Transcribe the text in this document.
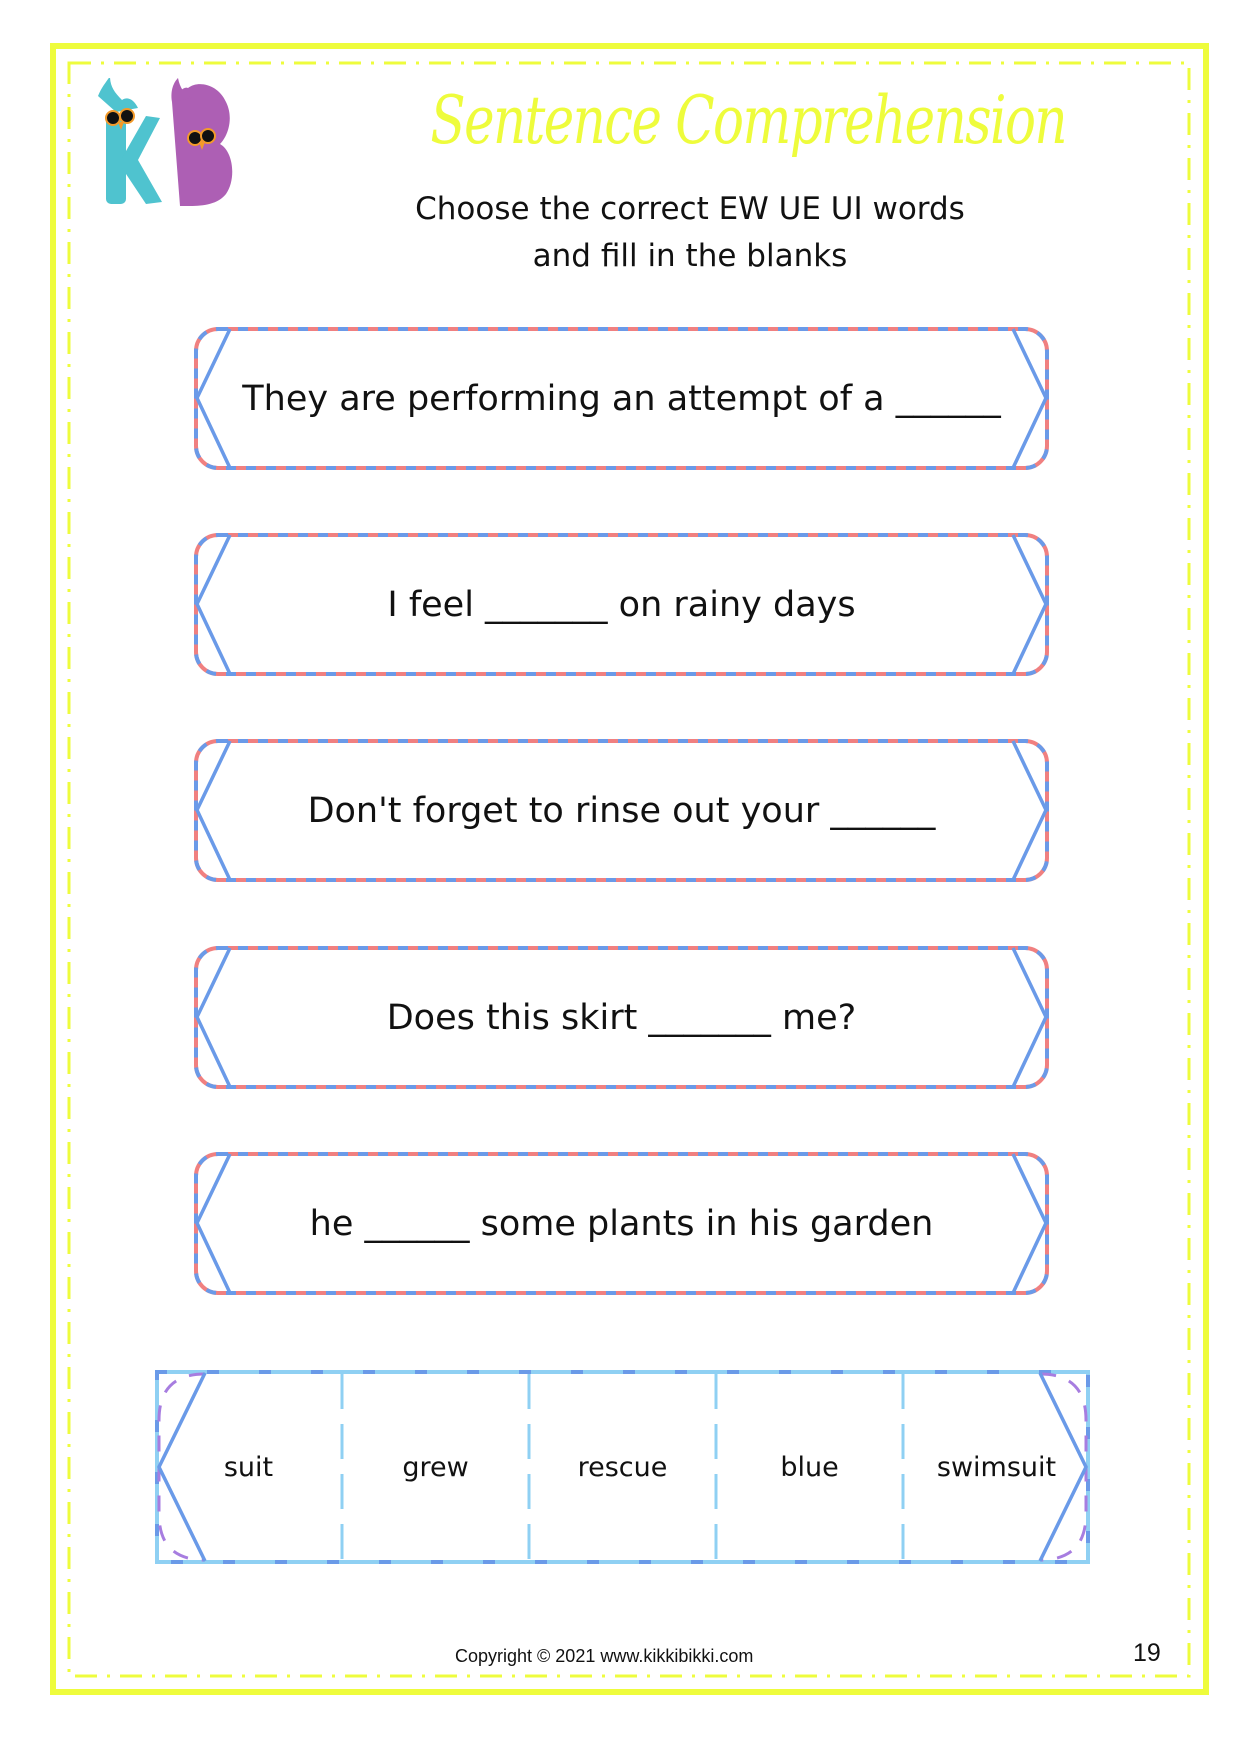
Sentence Comprehension
Choose the correct EW UE UI words
and fill in the blanks
They are performing an attempt of a ______
I feel _______ on rainy days
Don't forget to rinse out your ______
Does this skirt _______ me?
he ______ some plants in his garden
suit	grew	rescue	blue	swimsuit
Copyright © 2021 www.kikkibikki.com	19
